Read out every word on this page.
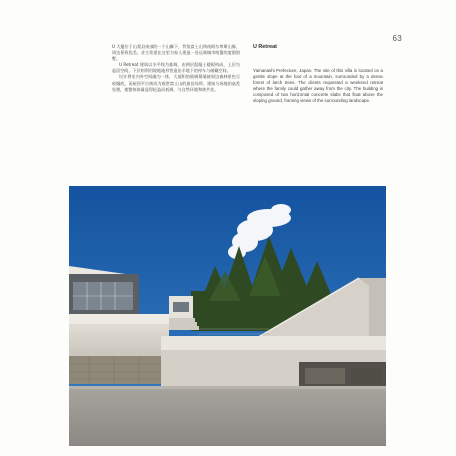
63

U 大厦位于山梨县南部的一个山脚下，背依富士山和南阿尔卑斯山脉，周边景致优美。业主希望在这里为家人建造一处远离城市喧嚣的度假别墅。

U Retreat 建筑以水平线为基调，由两层混凝土楼板构成，上层为起居空间，下层则利用坡地地形营造出半地下的停车与储藏空间。

设计将室内外空间融为一体，大面积的玻璃幕墙使周边森林景色尽收眼底，而屋顶平台则成为观赏富士山的最佳场所。建筑与场地的高差处理，使整体体量显得轻盈而低调，与自然环境和谐共处。

U Retreat

Yamanashi Prefecture, Japan. The site of this villa is located on a gentle slope at the foot of a mountain, surrounded by a dense forest of larch trees. The clients requested a weekend retreat where the family could gather away from the city. The building is composed of two horizontal concrete slabs that float above the sloping ground, framing views of the surrounding landscape.
